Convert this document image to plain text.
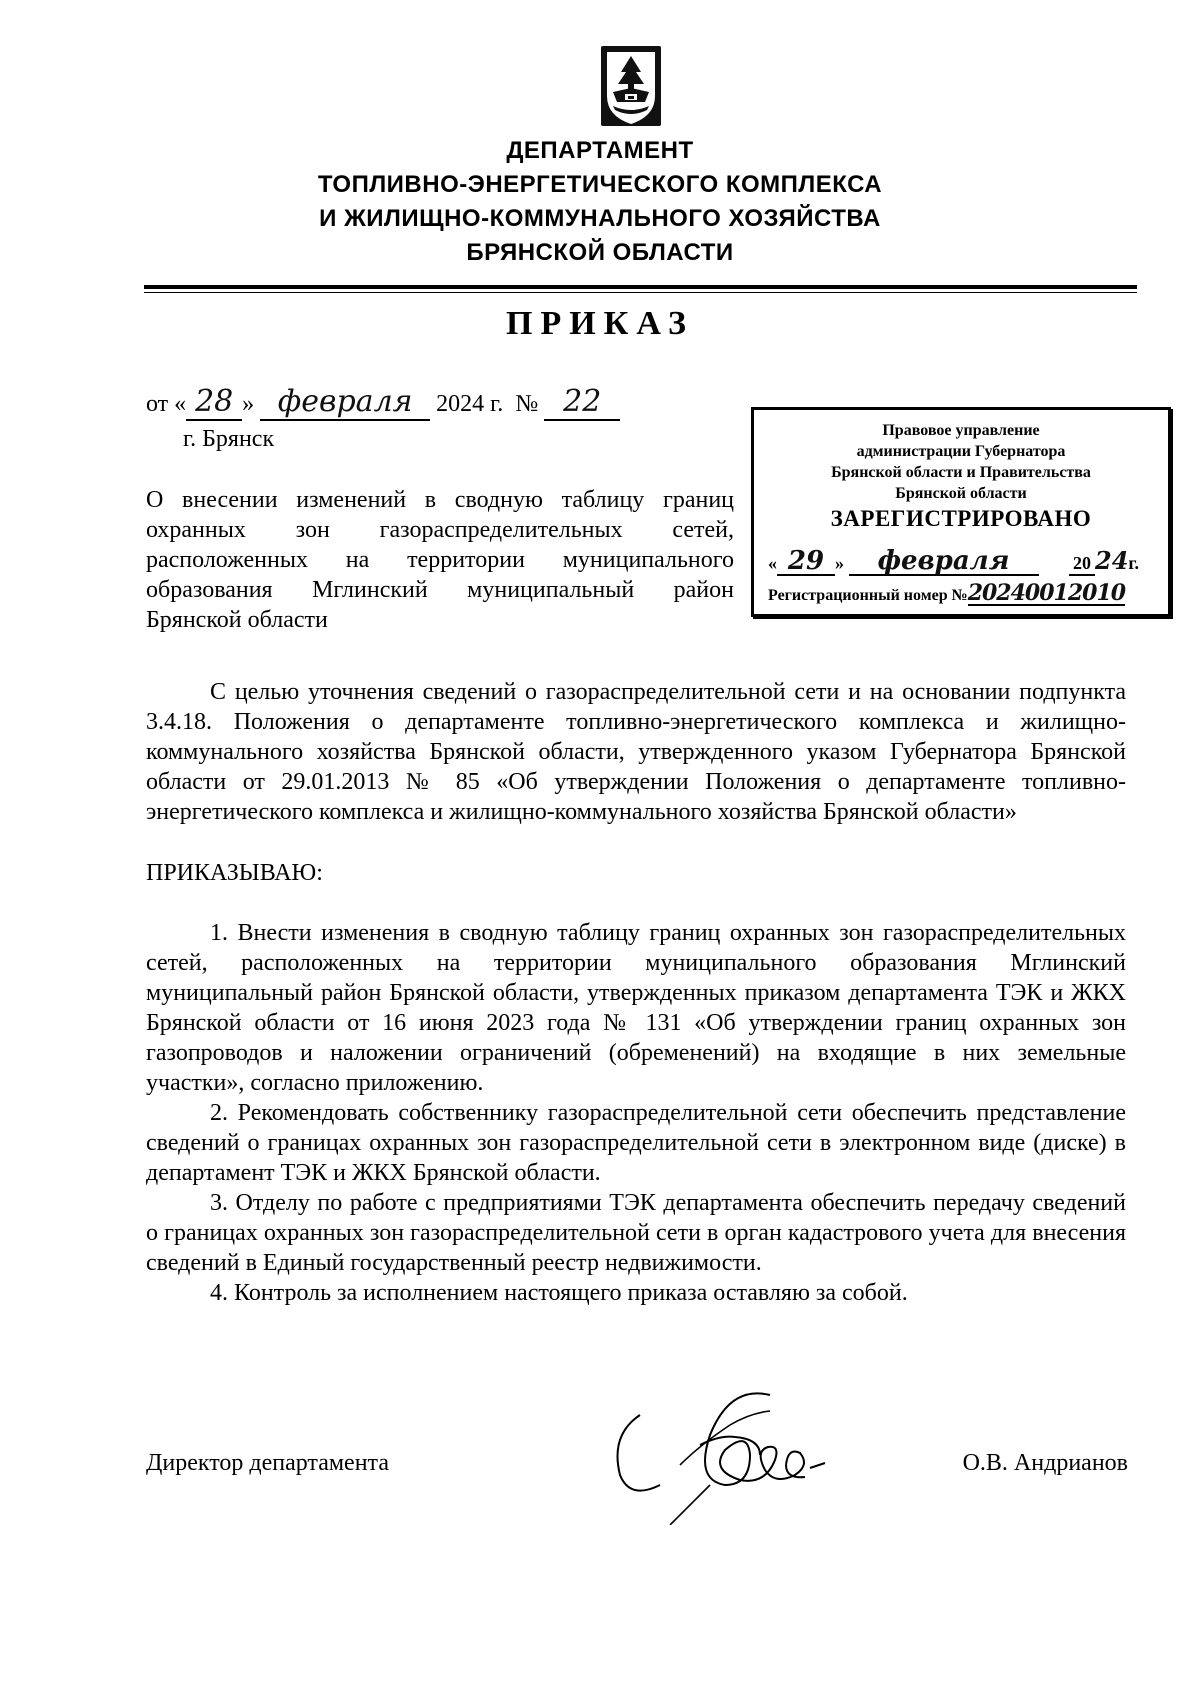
ДЕПАРТАМЕНТ
ТОПЛИВНО-ЭНЕРГЕТИЧЕСКОГО КОМПЛЕКСА
И ЖИЛИЩНО-КОММУНАЛЬНОГО ХОЗЯЙСТВА
БРЯНСКОЙ ОБЛАСТИ
ПРИКАЗ
от « 28 » февраля 2024 г. № 22
г. Брянск	Правовое управление
администрации Губернатора
Брянской области и Правительства
Брянской области
ЗАРЕГИСТРИРОВАНО
« 29 » февраля	20 24г.
Регистрационный номер №20240012010
О внесении изменений в сводную таблицу границ
охранных зон газораспределительных сетей,
расположенных на территории муниципального
образования Мглинский муниципальный район
Брянской области
С целью уточнения сведений о газораспределительной сети и на основании подпункта 3.4.18. Положения о департаменте топливно-энергетического комплекса и жилищно-коммунального хозяйства Брянской области, утвержденного указом Губернатора Брянской области от 29.01.2013 № 85 «Об утверждении Положения о департаменте топливно-энергетического комплекса и жилищно-коммунального хозяйства Брянской области»
ПРИКАЗЫВАЮ:
1. Внести изменения в сводную таблицу границ охранных зон газораспределительных сетей, расположенных на территории муниципального образования Мглинский муниципальный район Брянской области, утвержденных приказом департамента ТЭК и ЖКХ Брянской области от 16 июня 2023 года № 131 «Об утверждении границ охранных зон газопроводов и наложении ограничений (обременений) на входящие в них земельные участки», согласно приложению.
2. Рекомендовать собственнику газораспределительной сети обеспечить представление сведений о границах охранных зон газораспределительной сети в электронном виде (диске) в департамент ТЭК и ЖКХ Брянской области.
3. Отделу по работе с предприятиями ТЭК департамента обеспечить передачу сведений о границах охранных зон газораспределительной сети в орган кадастрового учета для внесения сведений в Единый государственный реестр недвижимости.
4. Контроль за исполнением настоящего приказа оставляю за собой.
Директор департамента	О.В. Андрианов
